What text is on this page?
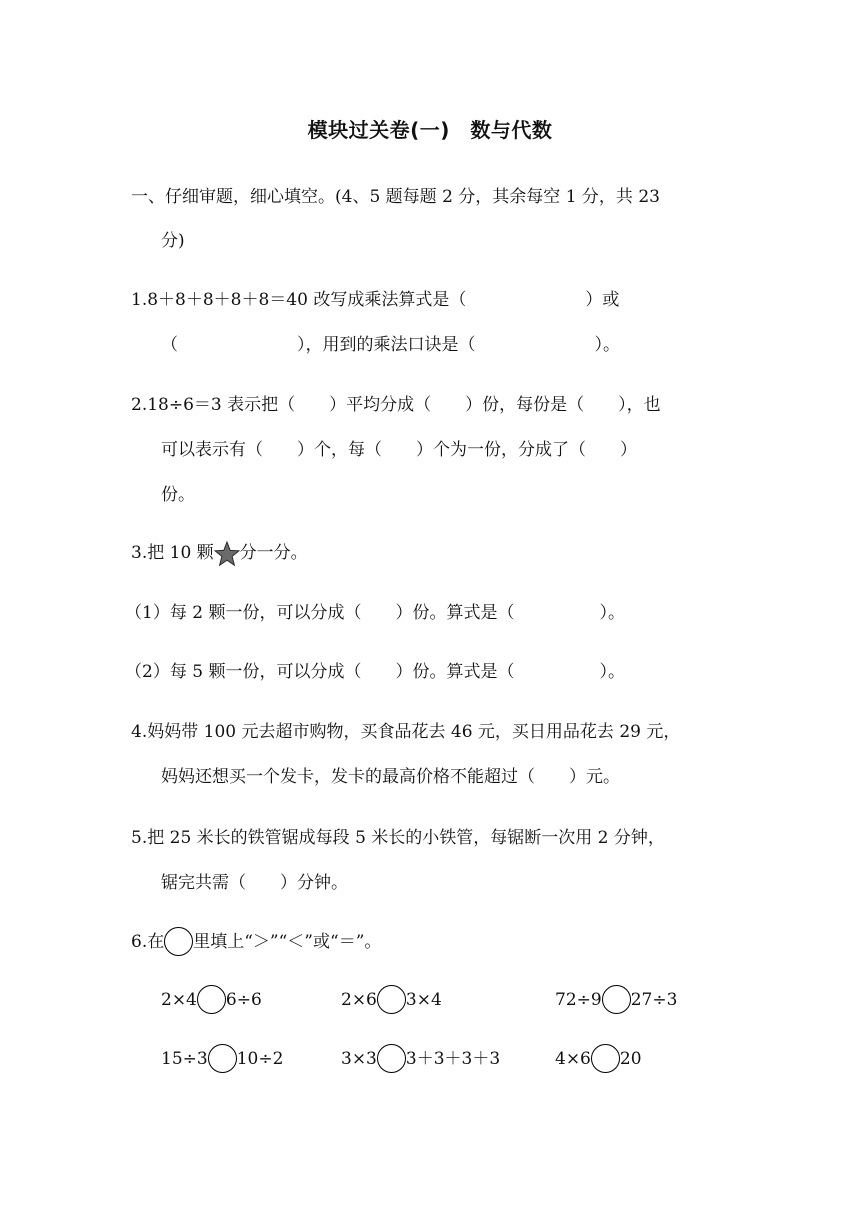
模块过关卷(一)　数与代数
一、仔细审题，细心填空。(4、5 题每题 2 分，其余每空 1 分，共 23
分)
1.8＋8＋8＋8＋8＝40 改写成乘法算式是（　　　　　　　）或
（　　　　　　　），用到的乘法口诀是（　　　　　　　）。
2.18÷6＝3 表示把（　　）平均分成（　　）份，每份是（　　），也
可以表示有（　　）个，每（　　）个为一份，分成了（　　）
份。
3.把 10 颗 分一分。
（1）每 2 颗一份，可以分成（　　）份。算式是（　　　　　）。
（2）每 5 颗一份，可以分成（　　）份。算式是（　　　　　）。
4.妈妈带 100 元去超市购物，买食品花去 46 元，买日用品花去 29 元，
妈妈还想买一个发卡，发卡的最高价格不能超过（　　）元。
5.把 25 米长的铁管锯成每段 5 米长的小铁管，每锯断一次用 2 分钟，
锯完共需（　　）分钟。
6.在 里填上“＞”“＜”或“＝”。
2×4 6÷6	2×6 3×4	72÷9 27÷3
15÷3 10÷2	3×3 3＋3＋3＋3	4×6 20
